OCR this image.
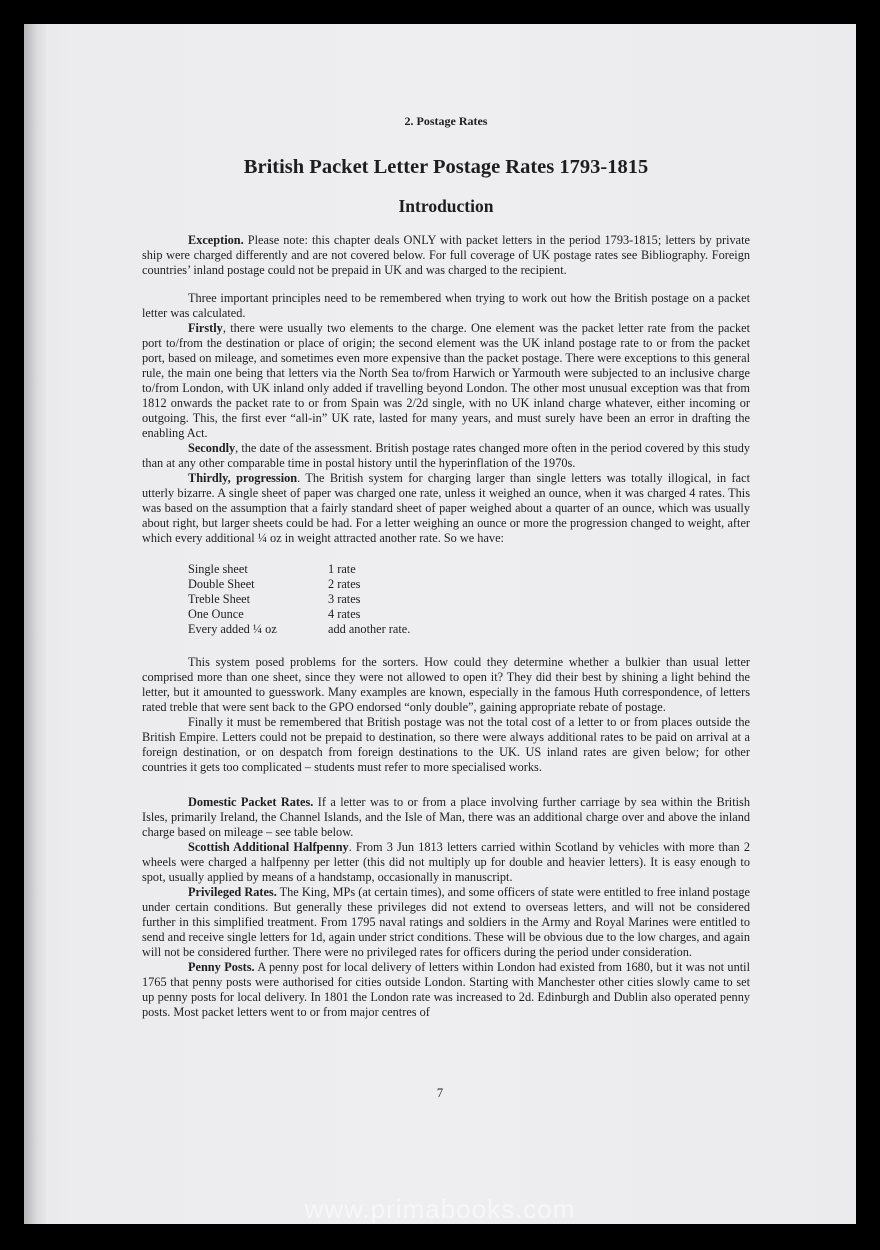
2. Postage Rates
British Packet Letter Postage Rates 1793-1815
Introduction

Exception. Please note: this chapter deals ONLY with packet letters in the period 1793-1815; letters by private ship were charged differently and are not covered below. For full coverage of UK postage rates see Bibliography. Foreign countries’ inland postage could not be prepaid in UK and was charged to the recipient.

Three important principles need to be remembered when trying to work out how the British postage on a packet letter was calculated.

Firstly, there were usually two elements to the charge. One element was the packet letter rate from the packet port to/from the destination or place of origin; the second element was the UK inland postage rate to or from the packet port, based on mileage, and sometimes even more expensive than the packet postage. There were exceptions to this general rule, the main one being that letters via the North Sea to/from Harwich or Yarmouth were subjected to an inclusive charge to/from London, with UK inland only added if travelling beyond London. The other most unusual exception was that from 1812 onwards the packet rate to or from Spain was 2/2d single, with no UK inland charge whatever, either incoming or outgoing. This, the first ever “all-in” UK rate, lasted for many years, and must surely have been an error in drafting the enabling Act.

Secondly, the date of the assessment. British postage rates changed more often in the period covered by this study than at any other comparable time in postal history until the hyperinflation of the 1970s.

Thirdly, progression. The British system for charging larger than single letters was totally illogical, in fact utterly bizarre. A single sheet of paper was charged one rate, unless it weighed an ounce, when it was charged 4 rates. This was based on the assumption that a fairly standard sheet of paper weighed about a quarter of an ounce, which was usually about right, but larger sheets could be had. For a letter weighing an ounce or more the progression changed to weight, after which every additional ¼ oz in weight attracted another rate. So we have:

Single sheet	1 rate
Double Sheet	2 rates
Treble Sheet	3 rates
One Ounce	4 rates
Every added ¼ oz	add another rate.

This system posed problems for the sorters. How could they determine whether a bulkier than usual letter comprised more than one sheet, since they were not allowed to open it? They did their best by shining a light behind the letter, but it amounted to guesswork. Many examples are known, especially in the famous Huth correspondence, of letters rated treble that were sent back to the GPO endorsed “only double”, gaining appropriate rebate of postage.

Finally it must be remembered that British postage was not the total cost of a letter to or from places outside the British Empire. Letters could not be prepaid to destination, so there were always additional rates to be paid on arrival at a foreign destination, or on despatch from foreign destinations to the UK. US inland rates are given below; for other countries it gets too complicated – students must refer to more specialised works.

Domestic Packet Rates. If a letter was to or from a place involving further carriage by sea within the British Isles, primarily Ireland, the Channel Islands, and the Isle of Man, there was an additional charge over and above the inland charge based on mileage – see table below.

Scottish Additional Halfpenny. From 3 Jun 1813 letters carried within Scotland by vehicles with more than 2 wheels were charged a halfpenny per letter (this did not multiply up for double and heavier letters). It is easy enough to spot, usually applied by means of a handstamp, occasionally in manuscript.

Privileged Rates. The King, MPs (at certain times), and some officers of state were entitled to free inland postage under certain conditions. But generally these privileges did not extend to overseas letters, and will not be considered further in this simplified treatment. From 1795 naval ratings and soldiers in the Army and Royal Marines were entitled to send and receive single letters for 1d, again under strict conditions. These will be obvious due to the low charges, and again will not be considered further. There were no privileged rates for officers during the period under consideration.

Penny Posts. A penny post for local delivery of letters within London had existed from 1680, but it was not until 1765 that penny posts were authorised for cities outside London. Starting with Manchester other cities slowly came to set up penny posts for local delivery. In 1801 the London rate was increased to 2d. Edinburgh and Dublin also operated penny posts. Most packet letters went to or from major centres of

7
www.primabooks.com
